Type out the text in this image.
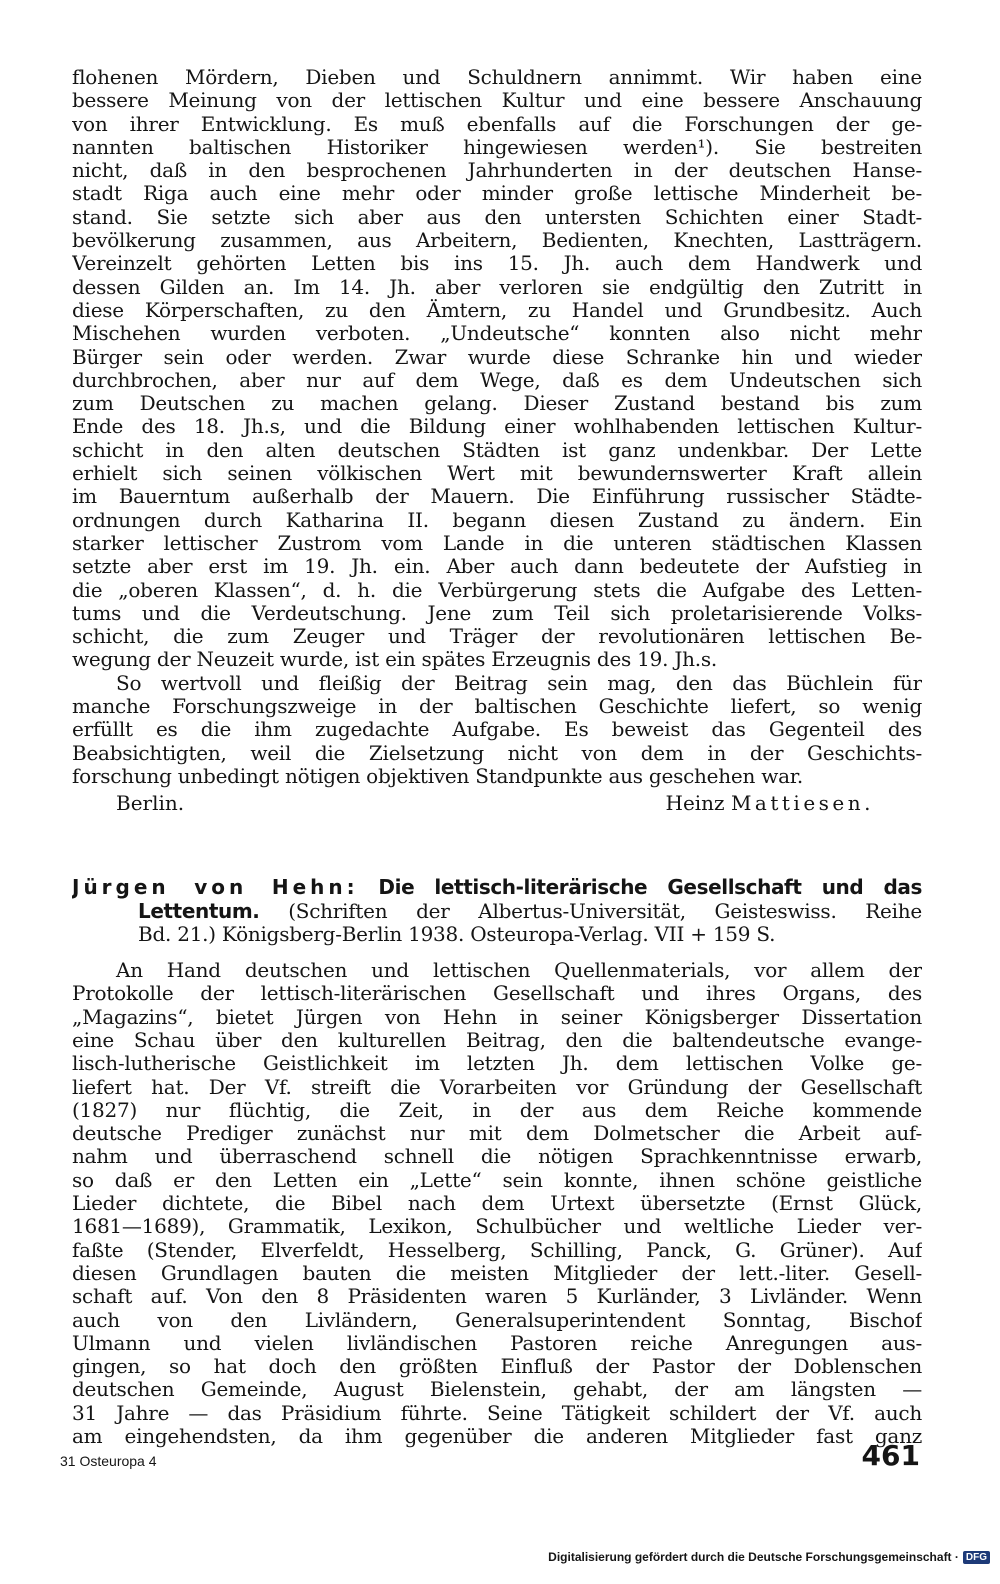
flohenen Mördern, Dieben und Schuldnern annimmt. Wir haben eine
bessere Meinung von der lettischen Kultur und eine bessere Anschauung
von ihrer Entwicklung. Es muß ebenfalls auf die Forschungen der ge-
nannten baltischen Historiker hingewiesen werden¹). Sie bestreiten
nicht, daß in den besprochenen Jahrhunderten in der deutschen Hanse-
stadt Riga auch eine mehr oder minder große lettische Minderheit be-
stand. Sie setzte sich aber aus den untersten Schichten einer Stadt-
bevölkerung zusammen, aus Arbeitern, Bedienten, Knechten, Lastträgern.
Vereinzelt gehörten Letten bis ins 15. Jh. auch dem Handwerk und
dessen Gilden an. Im 14. Jh. aber verloren sie endgültig den Zutritt in
diese Körperschaften, zu den Ämtern, zu Handel und Grundbesitz. Auch
Mischehen wurden verboten. „Undeutsche“ konnten also nicht mehr
Bürger sein oder werden. Zwar wurde diese Schranke hin und wieder
durchbrochen, aber nur auf dem Wege, daß es dem Undeutschen sich
zum Deutschen zu machen gelang. Dieser Zustand bestand bis zum
Ende des 18. Jh.s, und die Bildung einer wohlhabenden lettischen Kultur-
schicht in den alten deutschen Städten ist ganz undenkbar. Der Lette
erhielt sich seinen völkischen Wert mit bewundernswerter Kraft allein
im Bauerntum außerhalb der Mauern. Die Einführung russischer Städte-
ordnungen durch Katharina II. begann diesen Zustand zu ändern. Ein
starker lettischer Zustrom vom Lande in die unteren städtischen Klassen
setzte aber erst im 19. Jh. ein. Aber auch dann bedeutete der Aufstieg in
die „oberen Klassen“, d. h. die Verbürgerung stets die Aufgabe des Letten-
tums und die Verdeutschung. Jene zum Teil sich proletarisierende Volks-
schicht, die zum Zeuger und Träger der revolutionären lettischen Be-
wegung der Neuzeit wurde, ist ein spätes Erzeugnis des 19. Jh.s.
So wertvoll und fleißig der Beitrag sein mag, den das Büchlein für
manche Forschungszweige in der baltischen Geschichte liefert, so wenig
erfüllt es die ihm zugedachte Aufgabe. Es beweist das Gegenteil des
Beabsichtigten, weil die Zielsetzung nicht von dem in der Geschichts-
forschung unbedingt nötigen objektiven Standpunkte aus geschehen war.
Berlin.	Heinz Mattiesen.
Jürgen von Hehn: Die lettisch-literärische Gesellschaft und das
Lettentum. (Schriften der Albertus-Universität, Geisteswiss. Reihe
Bd. 21.) Königsberg-Berlin 1938. Osteuropa-Verlag. VII + 159 S.
An Hand deutschen und lettischen Quellenmaterials, vor allem der
Protokolle der lettisch-literärischen Gesellschaft und ihres Organs, des
„Magazins“, bietet Jürgen von Hehn in seiner Königsberger Dissertation
eine Schau über den kulturellen Beitrag, den die baltendeutsche evange-
lisch-lutherische Geistlichkeit im letzten Jh. dem lettischen Volke ge-
liefert hat. Der Vf. streift die Vorarbeiten vor Gründung der Gesellschaft
(1827) nur flüchtig, die Zeit, in der aus dem Reiche kommende
deutsche Prediger zunächst nur mit dem Dolmetscher die Arbeit auf-
nahm und überraschend schnell die nötigen Sprachkenntnisse erwarb,
so daß er den Letten ein „Lette“ sein konnte, ihnen schöne geistliche
Lieder dichtete, die Bibel nach dem Urtext übersetzte (Ernst Glück,
1681—1689), Grammatik, Lexikon, Schulbücher und weltliche Lieder ver-
faßte (Stender, Elverfeldt, Hesselberg, Schilling, Panck, G. Grüner). Auf
diesen Grundlagen bauten die meisten Mitglieder der lett.-liter. Gesell-
schaft auf. Von den 8 Präsidenten waren 5 Kurländer, 3 Livländer. Wenn
auch von den Livländern, Generalsuperintendent Sonntag, Bischof
Ulmann und vielen livländischen Pastoren reiche Anregungen aus-
gingen, so hat doch den größten Einfluß der Pastor der Doblenschen
deutschen Gemeinde, August Bielenstein, gehabt, der am längsten —
31 Jahre — das Präsidium führte. Seine Tätigkeit schildert der Vf. auch
am eingehendsten, da ihm gegenüber die anderen Mitglieder fast ganz
31 Osteuropa 4	461
Digitalisierung gefördert durch die Deutsche Forschungsgemeinschaft · DFG
